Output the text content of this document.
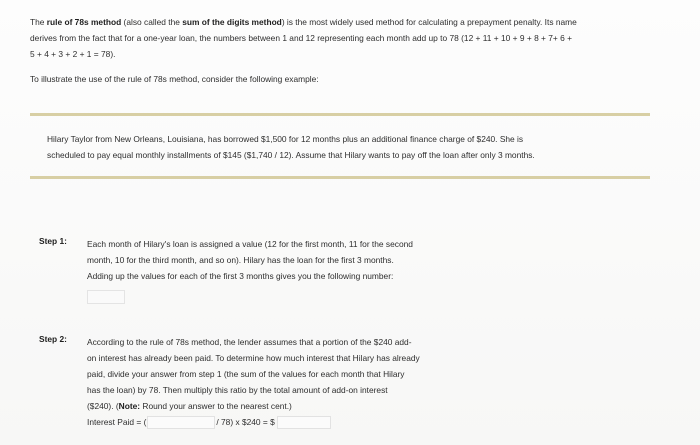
The rule of 78s method (also called the sum of the digits method) is the most widely used method for calculating a prepayment penalty. Its name
derives from the fact that for a one-year loan, the numbers between 1 and 12 representing each month add up to 78 (12 + 11 + 10 + 9 + 8 + 7+ 6 +
5 + 4 + 3 + 2 + 1 = 78).
To illustrate the use of the rule of 78s method, consider the following example:
Hilary Taylor from New Orleans, Louisiana, has borrowed $1,500 for 12 months plus an additional finance charge of $240. She is
scheduled to pay equal monthly installments of $145 ($1,740 / 12). Assume that Hilary wants to pay off the loan after only 3 months.
Step 1: Each month of Hilary's loan is assigned a value (12 for the first month, 11 for the second
month, 10 for the third month, and so on). Hilary has the loan for the first 3 months.
Adding up the values for each of the first 3 months gives you the following number:
Step 2: According to the rule of 78s method, the lender assumes that a portion of the $240 add-
on interest has already been paid. To determine how much interest that Hilary has already
paid, divide your answer from step 1 (the sum of the values for each month that Hilary
has the loan) by 78. Then multiply this ratio by the total amount of add-on interest
($240). (Note: Round your answer to the nearest cent.)
Interest Paid = (	/ 78) x $240 = $
